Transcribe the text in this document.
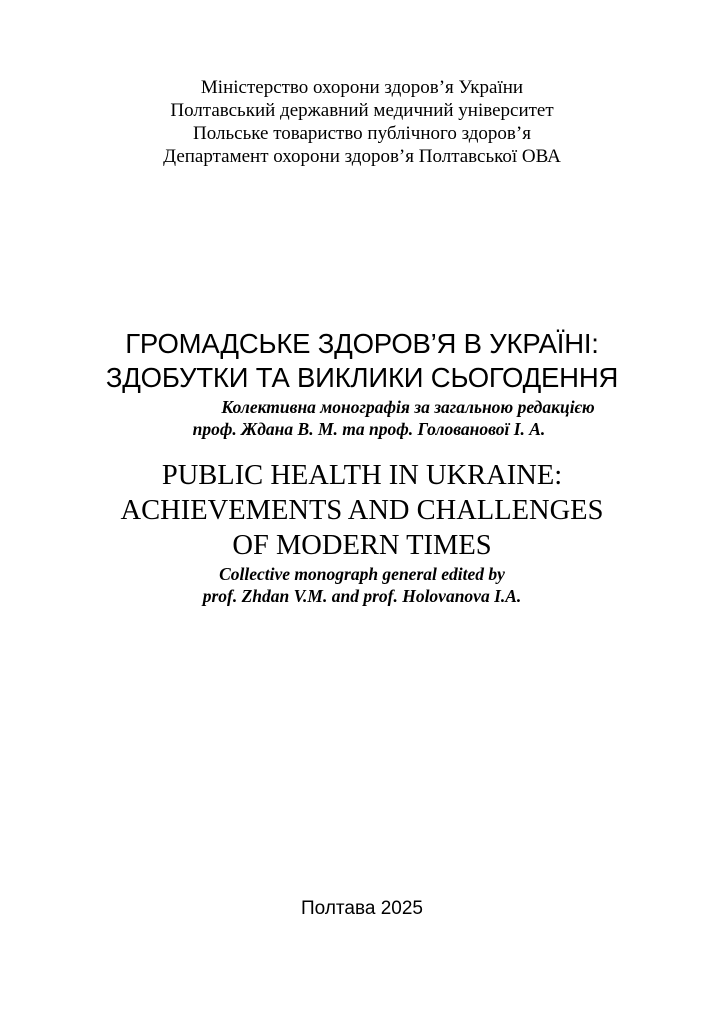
Міністерство охорони здоров’я України
Полтавський державний медичний університет
Польське товариство публічного здоров’я
Департамент охорони здоров’я Полтавської ОВА
ГРОМАДСЬКЕ ЗДОРОВ’Я В УКРАЇНІ:
ЗДОБУТКИ ТА ВИКЛИКИ СЬОГОДЕННЯ
Колективна монографія за загальною редакцією
проф. Ждана В. М. та проф. Голованової І. А.
PUBLIC HEALTH IN UKRAINE:
ACHIEVEMENTS AND CHALLENGES
OF MODERN TIMES
Collective monograph general edited by
prof. Zhdan V.M. and prof. Holovanova I.A.
Полтава 2025
